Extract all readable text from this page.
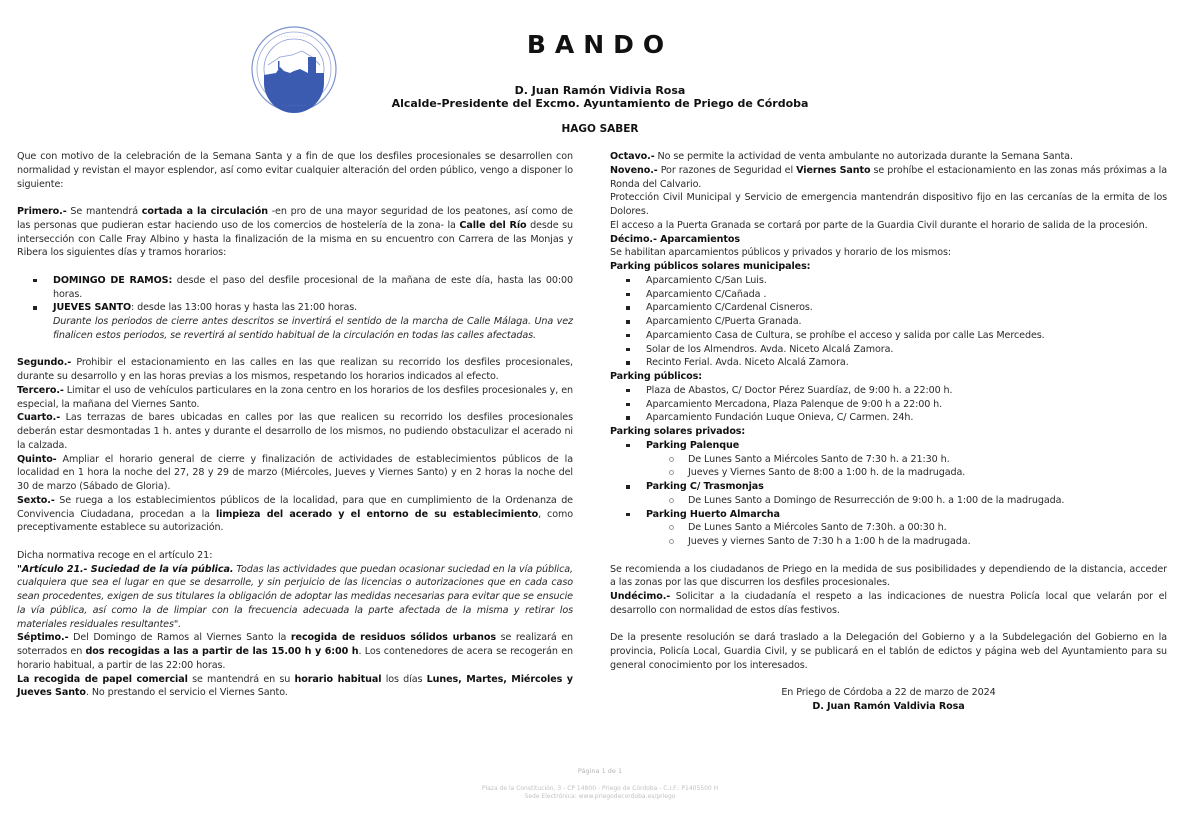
· · · · · · · · ·
· · · · · · · ·
BANDO
D. Juan Ramón Vidivia Rosa
Alcalde-Presidente del Excmo. Ayuntamiento de Priego de Córdoba
HAGO SABER

Que con motivo de la celebración de la Semana Santa y a fin de que los desfiles procesionales se desarrollen con normalidad y revistan el mayor esplendor, así como evitar cualquier alteración del orden público, vengo a disponer lo siguiente:

Primero.- Se mantendrá cortada a la circulación -en pro de una mayor seguridad de los peatones, así como de las personas que pudieran estar haciendo uso de los comercios de hostelería de la zona- la Calle del Río desde su intersección con Calle Fray Albino y hasta la finalización de la misma en su encuentro con Carrera de las Monjas y Ribera los siguientes días y tramos horarios:

DOMINGO DE RAMOS: desde el paso del desfile procesional de la mañana de este día, hasta las 00:00 horas.
JUEVES SANTO: desde las 13:00 horas y hasta las 21:00 horas.
Durante los periodos de cierre antes descritos se invertirá el sentido de la marcha de Calle Málaga. Una vez finalicen estos periodos, se revertirá al sentido habitual de la circulación en todas las calles afectadas.

Segundo.- Prohibir el estacionamiento en las calles en las que realizan su recorrido los desfiles procesionales, durante su desarrollo y en las horas previas a los mismos, respetando los horarios indicados al efecto.

Tercero.- Limitar el uso de vehículos particulares en la zona centro en los horarios de los desfiles procesionales y, en especial, la mañana del Viernes Santo.

Cuarto.- Las terrazas de bares ubicadas en calles por las que realicen su recorrido los desfiles procesionales deberán estar desmontadas 1 h. antes y durante el desarrollo de los mismos, no pudiendo obstaculizar el acerado ni la calzada.

Quinto- Ampliar el horario general de cierre y finalización de actividades de establecimientos públicos de la localidad en 1 hora la noche del 27, 28 y 29 de marzo (Miércoles, Jueves y Viernes Santo) y en 2 horas la noche del 30 de marzo (Sábado de Gloria).

Sexto.- Se ruega a los establecimientos públicos de la localidad, para que en cumplimiento de la Ordenanza de Convivencia Ciudadana, procedan a la limpieza del acerado y el entorno de su establecimiento, como preceptivamente establece su autorización.

Dicha normativa recoge en el artículo 21:

"Artículo 21.- Suciedad de la vía pública. Todas las actividades que puedan ocasionar suciedad en la vía pública, cualquiera que sea el lugar en que se desarrolle, y sin perjuicio de las licencias o autorizaciones que en cada caso sean procedentes, exigen de sus titulares la obligación de adoptar las medidas necesarias para evitar que se ensucie la vía pública, así como la de limpiar con la frecuencia adecuada la parte afectada de la misma y retirar los materiales residuales resultantes".

Séptimo.- Del Domingo de Ramos al Viernes Santo la recogida de residuos sólidos urbanos se realizará en soterrados en dos recogidas a las a partir de las 15.00 h y 6:00 h. Los contenedores de acera se recogerán en horario habitual, a partir de las 22:00 horas.

La recogida de papel comercial se mantendrá en su horario habitual los días Lunes, Martes, Miércoles y Jueves Santo. No prestando el servicio el Viernes Santo.

Octavo.- No se permite la actividad de venta ambulante no autorizada durante la Semana Santa.

Noveno.- Por razones de Seguridad el Viernes Santo se prohíbe el estacionamiento en las zonas más próximas a la Ronda del Calvario.

Protección Civil Municipal y Servicio de emergencia mantendrán dispositivo fijo en las cercanías de la ermita de los Dolores.

El acceso a la Puerta Granada se cortará por parte de la Guardia Civil durante el horario de salida de la procesión.

Décimo.- Aparcamientos

Se habilitan aparcamientos públicos y privados y horario de los mismos:

Parking públicos solares municipales:

Aparcamiento C/San Luis.
Aparcamiento C/Cañada .
Aparcamiento C/Cardenal Cisneros.
Aparcamiento C/Puerta Granada.
Aparcamiento Casa de Cultura, se prohíbe el acceso y salida por calle Las Mercedes.
Solar de los Almendros. Avda. Niceto Alcalá Zamora.
Recinto Ferial. Avda. Niceto Alcalá Zamora.

Parking públicos:

Plaza de Abastos, C/ Doctor Pérez Suardíaz, de 9:00 h. a 22:00 h.
Aparcamiento Mercadona, Plaza Palenque de 9:00 h a 22:00 h.
Aparcamiento Fundación Luque Onieva, C/ Carmen. 24h.

Parking solares privados:

Parking Palenque
De Lunes Santo a Miércoles Santo de 7:30 h. a 21:30 h.
Jueves y Viernes Santo de 8:00 a 1:00 h. de la madrugada.
Parking C/ Trasmonjas
De Lunes Santo a Domingo de Resurrección de 9:00 h. a 1:00 de la madrugada.
Parking Huerto Almarcha
De Lunes Santo a Miércoles Santo de 7:30h. a 00:30 h.
Jueves y viernes Santo de 7:30 h a 1:00 h de la madrugada.

Se recomienda a los ciudadanos de Priego en la medida de sus posibilidades y dependiendo de la distancia, acceder a las zonas por las que discurren los desfiles procesionales.

Undécimo.- Solicitar a la ciudadanía el respeto a las indicaciones de nuestra Policía local que velarán por el desarrollo con normalidad de estos días festivos.

De la presente resolución se dará traslado a la Delegación del Gobierno y a la Subdelegación del Gobierno en la provincia, Policía Local, Guardia Civil, y se publicará en el tablón de edictos y página web del Ayuntamiento para su general conocimiento por los interesados.

En Priego de Córdoba a 22 de marzo de 2024

D. Juan Ramón Valdivia Rosa

Página 1 de 1
Plaza de la Constitución, 3 - CP 14800 - Priego de Córdoba - C.I.F.: P1405500 H
Sede Electrónica: www.priegodecordoba.es/priego
